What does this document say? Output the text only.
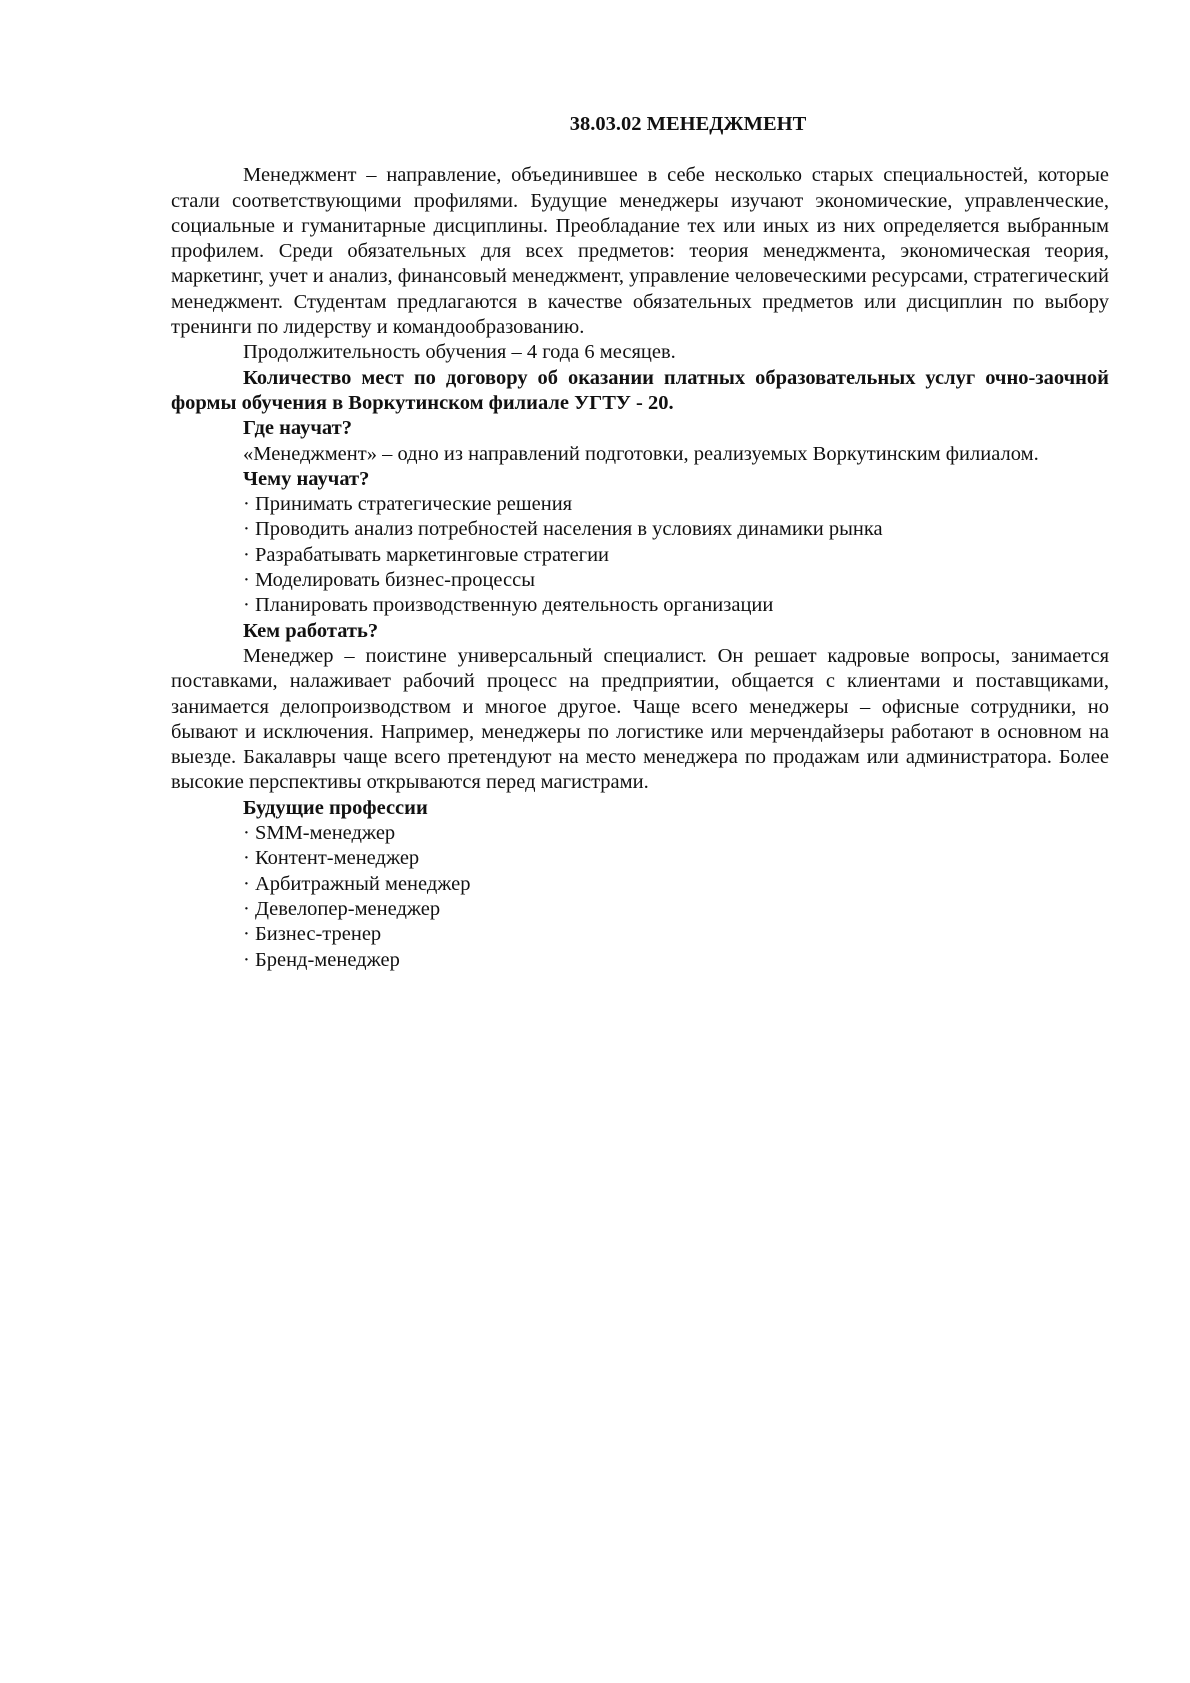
38.03.02 МЕНЕДЖМЕНТ

Менеджмент – направление, объединившее в себе несколько старых специальностей, которые стали соответствующими профилями. Будущие менеджеры изучают экономические, управленческие, социальные и гуманитарные дисциплины. Преобладание тех или иных из них определяется выбранным профилем. Среди обязательных для всех предметов: теория менеджмента, экономическая теория, маркетинг, учет и анализ, финансовый менеджмент, управление человеческими ресурсами, стратегический менеджмент. Студентам предлагаются в качестве обязательных предметов или дисциплин по выбору тренинги по лидерству и командообразованию.

Продолжительность обучения – 4 года 6 месяцев.

Количество мест по договору об оказании платных образовательных услуг очно-заочной формы обучения в Воркутинском филиале УГТУ - 20.

Где научат?

«Менеджмент» – одно из направлений подготовки, реализуемых Воркутинским филиалом.

Чему научат?

· Принимать стратегические решения
· Проводить анализ потребностей населения в условиях динамики рынка
· Разрабатывать маркетинговые стратегии
· Моделировать бизнес-процессы
· Планировать производственную деятельность организации

Кем работать?

Менеджер – поистине универсальный специалист. Он решает кадровые вопросы, занимается поставками, налаживает рабочий процесс на предприятии, общается с клиентами и поставщиками, занимается делопроизводством и многое другое. Чаще всего менеджеры – офисные сотрудники, но бывают и исключения. Например, менеджеры по логистике или мерчендайзеры работают в основном на выезде. Бакалавры чаще всего претендуют на место менеджера по продажам или администратора. Более высокие перспективы открываются перед магистрами.

Будущие профессии

· SMM-менеджер
· Контент-менеджер
· Арбитражный менеджер
· Девелопер-менеджер
· Бизнес-тренер
· Бренд-менеджер
